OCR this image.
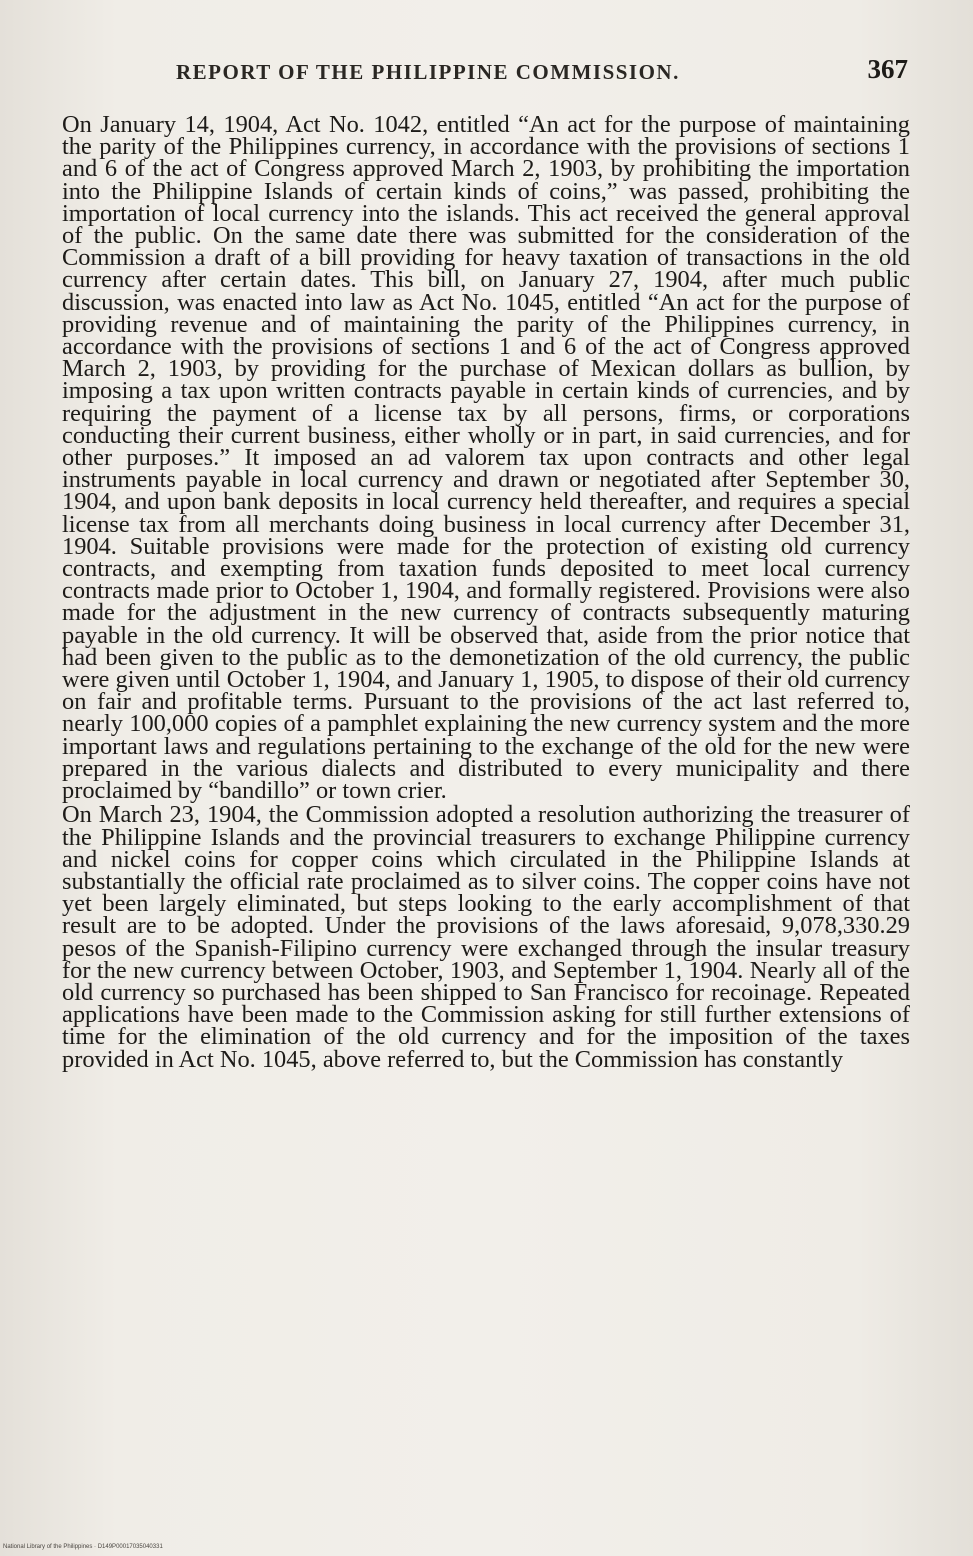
REPORT OF THE PHILIPPINE COMMISSION.	367

On January 14, 1904, Act No. 1042, entitled “An act for the purpose of maintaining the parity of the Philippines currency, in accordance with the provisions of sections 1 and 6 of the act of Congress approved March 2, 1903, by prohibiting the importation into the Philippine Islands of certain kinds of coins,” was passed, prohibiting the importation of local currency into the islands. This act received the general approval of the public. On the same date there was submitted for the consideration of the Commission a draft of a bill providing for heavy taxation of transactions in the old currency after certain dates. This bill, on January 27, 1904, after much public discussion, was enacted into law as Act No. 1045, entitled “An act for the purpose of providing revenue and of maintaining the parity of the Philippines currency, in accordance with the provisions of sections 1 and 6 of the act of Congress approved March 2, 1903, by providing for the purchase of Mexican dollars as bullion, by imposing a tax upon written contracts payable in certain kinds of currencies, and by requiring the payment of a license tax by all persons, firms, or corporations conducting their current business, either wholly or in part, in said currencies, and for other purposes.” It imposed an ad valorem tax upon contracts and other legal instruments payable in local currency and drawn or negotiated after September 30, 1904, and upon bank deposits in local currency held thereafter, and requires a special license tax from all merchants doing business in local currency after December 31, 1904. Suitable provisions were made for the protection of existing old currency contracts, and exempting from taxation funds deposited to meet local currency contracts made prior to October 1, 1904, and formally registered. Provisions were also made for the adjustment in the new currency of contracts subsequently maturing payable in the old currency. It will be observed that, aside from the prior notice that had been given to the public as to the demonetization of the old currency, the public were given until October 1, 1904, and January 1, 1905, to dispose of their old currency on fair and profitable terms. Pursuant to the provisions of the act last referred to, nearly 100,000 copies of a pamphlet explaining the new currency system and the more important laws and regulations pertaining to the exchange of the old for the new were prepared in the various dialects and distributed to every municipality and there proclaimed by “bandillo” or town crier.

On March 23, 1904, the Commission adopted a resolution authorizing the treasurer of the Philippine Islands and the provincial treasurers to exchange Philippine currency and nickel coins for copper coins which circulated in the Philippine Islands at substantially the official rate proclaimed as to silver coins. The copper coins have not yet been largely eliminated, but steps looking to the early accomplishment of that result are to be adopted. Under the provisions of the laws aforesaid, 9,078,330.29 pesos of the Spanish-Filipino currency were exchanged through the insular treasury for the new currency between October, 1903, and September 1, 1904. Nearly all of the old currency so purchased has been shipped to San Francisco for recoinage. Repeated applications have been made to the Commission asking for still further extensions of time for the elimination of the old currency and for the imposition of the taxes provided in Act No. 1045, above referred to, but the Commission has constantly

National Library of the Philippines · D149P00017035040331
